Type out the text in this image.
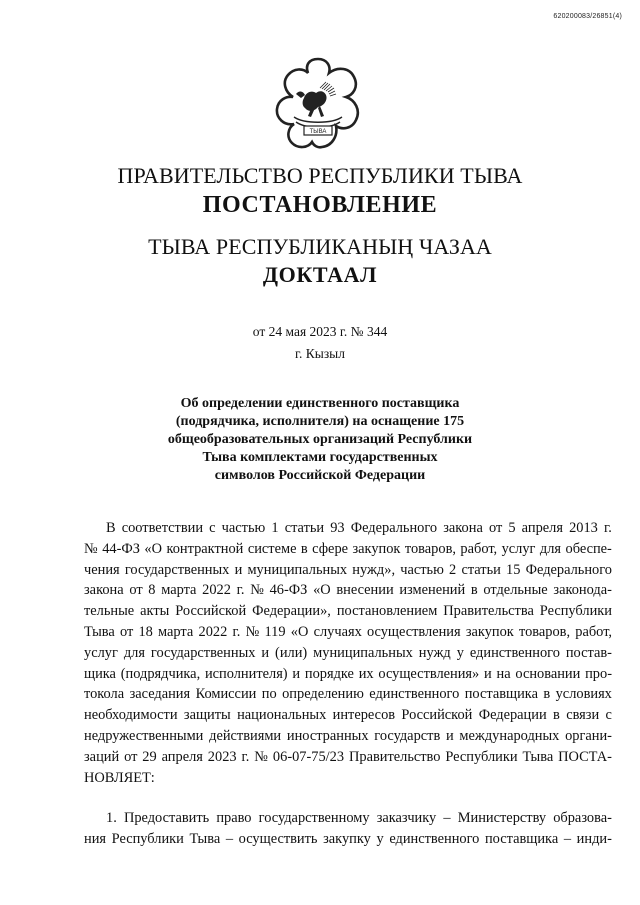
620200083/26851(4)
ТЫВА
ПРАВИТЕЛЬСТВО РЕСПУБЛИКИ ТЫВА
ПОСТАНОВЛЕНИЕ
ТЫВА РЕСПУБЛИКАНЫҢ ЧАЗАА
ДОКТААЛ
от 24 мая 2023 г. № 344
г. Кызыл
Об определении единственного поставщика
(подрядчика, исполнителя) на оснащение 175
общеобразовательных организаций Республики
Тыва комплектами государственных
символов Российской Федерации
В соответствии с частью 1 статьи 93 Федерального закона от 5 апреля 2013 г.
№ 44-ФЗ «О контрактной системе в сфере закупок товаров, работ, услуг для обеспе-
чения государственных и муниципальных нужд», частью 2 статьи 15 Федерального
закона от 8 марта 2022 г. № 46-ФЗ «О внесении изменений в отдельные законода-
тельные акты Российской Федерации», постановлением Правительства Республики
Тыва от 18 марта 2022 г. № 119 «О случаях осуществления закупок товаров, работ,
услуг для государственных и (или) муниципальных нужд у единственного постав-
щика (подрядчика, исполнителя) и порядке их осуществления» и на основании про-
токола заседания Комиссии по определению единственного поставщика в условиях
необходимости защиты национальных интересов Российской Федерации в связи с
недружественными действиями иностранных государств и международных органи-
заций от 29 апреля 2023 г. № 06-07-75/23 Правительство Республики Тыва ПОСТА-
НОВЛЯЕТ:
1. Предоставить право государственному заказчику – Министерству образова-
ния Республики Тыва – осуществить закупку у единственного поставщика – инди-
